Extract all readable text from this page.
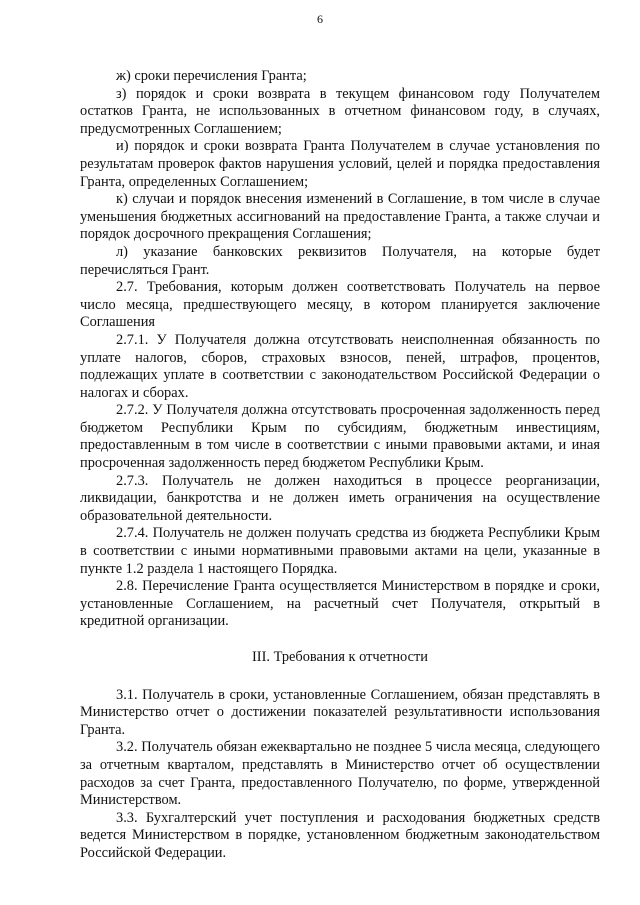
6

ж) сроки перечисления Гранта;

з) порядок и сроки возврата в текущем финансовом году Получателем остатков Гранта, не использованных в отчетном финансовом году, в случаях, предусмотренных Соглашением;

и) порядок и сроки возврата Гранта Получателем в случае установления по результатам проверок фактов нарушения условий, целей и порядка предоставления Гранта, определенных Соглашением;

к) случаи и порядок внесения изменений в Соглашение, в том числе в случае уменьшения бюджетных ассигнований на предоставление Гранта, а также случаи и порядок досрочного прекращения Соглашения;

л) указание банковских реквизитов Получателя, на которые будет перечисляться Грант.

2.7. Требования, которым должен соответствовать Получатель на первое число месяца, предшествующего месяцу, в котором планируется заключение Соглашения

2.7.1. У Получателя должна отсутствовать неисполненная обязанность по уплате налогов, сборов, страховых взносов, пеней, штрафов, процентов, подлежащих уплате в соответствии с законодательством Российской Федерации о налогах и сборах.

2.7.2. У Получателя должна отсутствовать просроченная задолженность перед бюджетом Республики Крым по субсидиям, бюджетным инвестициям, предоставленным в том числе в соответствии с иными правовыми актами, и иная просроченная задолженность перед бюджетом Республики Крым.

2.7.3. Получатель не должен находиться в процессе реорганизации, ликвидации, банкротства и не должен иметь ограничения на осуществление образовательной деятельности.

2.7.4. Получатель не должен получать средства из бюджета Республики Крым в соответствии с иными нормативными правовыми актами на цели, указанные в пункте 1.2 раздела 1 настоящего Порядка.

2.8. Перечисление Гранта осуществляется Министерством в порядке и сроки, установленные Соглашением, на расчетный счет Получателя, открытый в кредитной организации.

III. Требования к отчетности

3.1. Получатель в сроки, установленные Соглашением, обязан представлять в Министерство отчет о достижении показателей результативности использования Гранта.

3.2. Получатель обязан ежеквартально не позднее 5 числа месяца, следующего за отчетным кварталом, представлять в Министерство отчет об осуществлении расходов за счет Гранта, предоставленного Получателю, по форме, утвержденной Министерством.

3.3. Бухгалтерский учет поступления и расходования бюджетных средств ведется Министерством в порядке, установленном бюджетным законодательством Российской Федерации.
